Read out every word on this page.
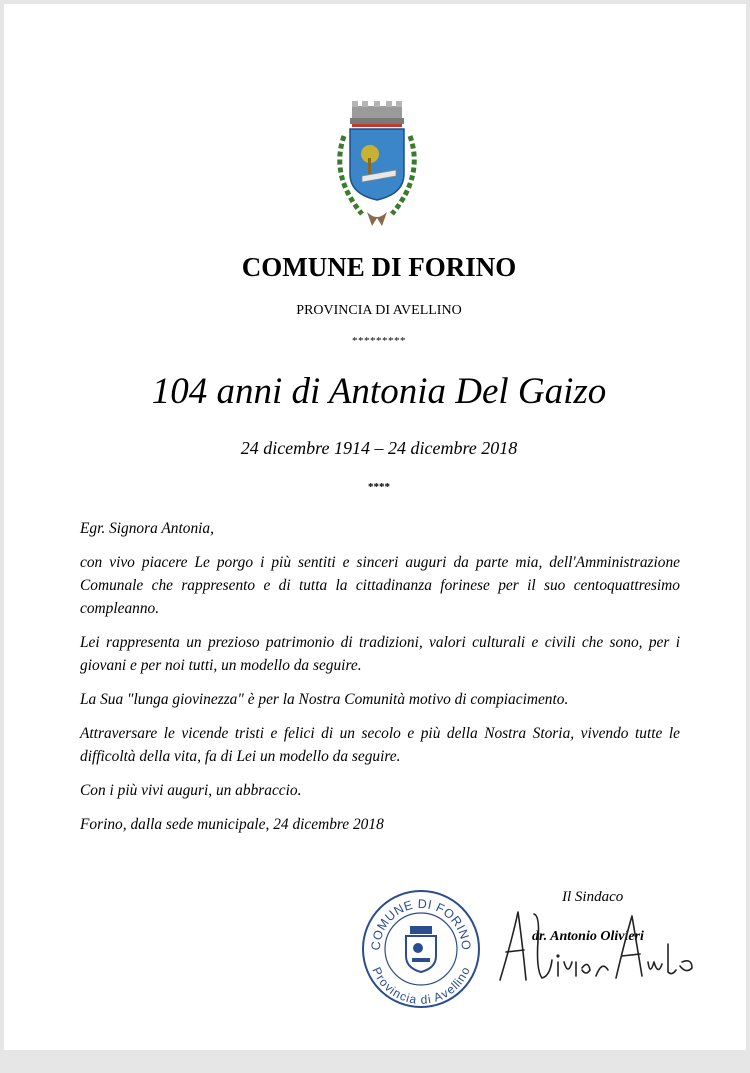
COMUNE DI FORINO
PROVINCIA DI AVELLINO
*********
104 anni di Antonia Del Gaizo
24 dicembre 1914 – 24 dicembre 2018
****

Egr. Signora Antonia,

con vivo piacere Le porgo i più sentiti e sinceri auguri da parte mia, dell'Amministrazione Comunale che rappresento e di tutta la cittadinanza forinese per il suo centoquattresimo compleanno.

Lei rappresenta un prezioso patrimonio di tradizioni, valori culturali e civili che sono, per i giovani e per noi tutti, un modello da seguire.

La Sua "lunga giovinezza" è per la Nostra Comunità motivo di compiacimento.

Attraversare le vicende tristi e felici di un secolo e più della Nostra Storia, vivendo tutte le difficoltà della vita, fa di Lei un modello da seguire.

Con i più vivi auguri, un abbraccio.

Forino, dalla sede municipale, 24 dicembre 2018

COMUNE DI FORINO
Provincia di Avellino
Il Sindaco
dr. Antonio Olivieri
